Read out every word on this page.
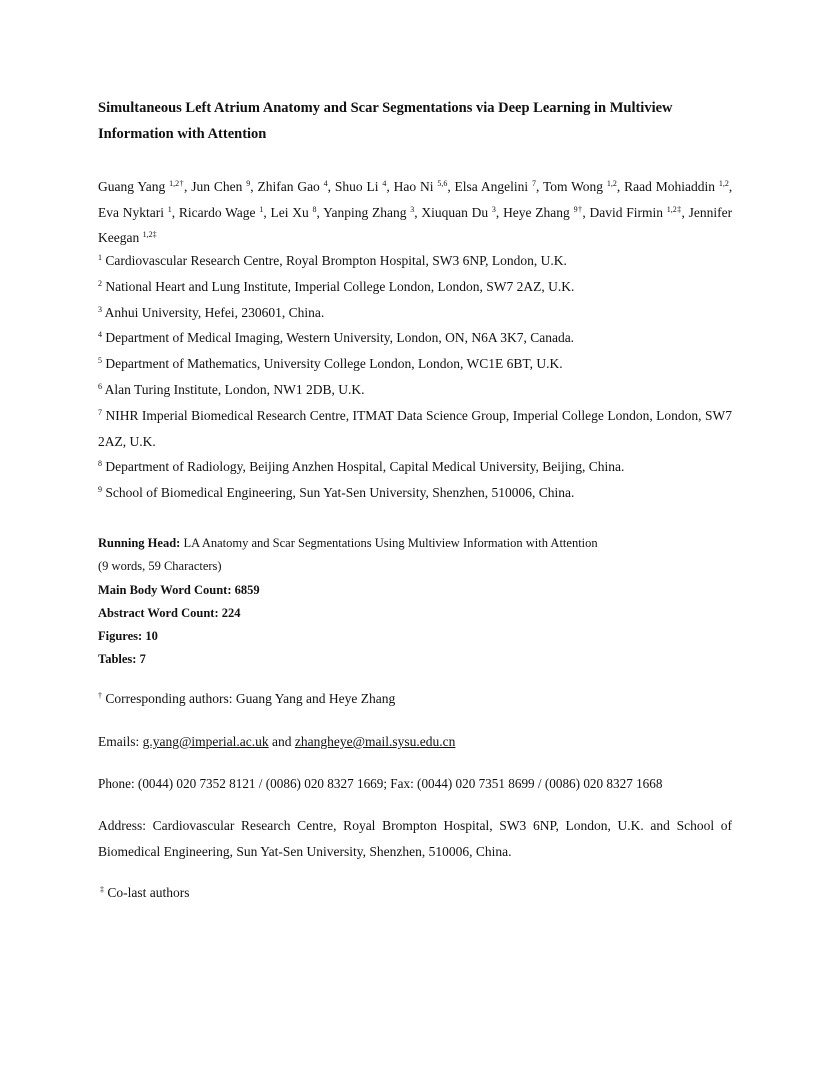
Simultaneous Left Atrium Anatomy and Scar Segmentations via Deep Learning in Multiview Information with Attention
Guang Yang $^{1,2\dagger}$, Jun Chen $^9$, Zhifan Gao $^4$, Shuo Li $^4$, Hao Ni $^{5,6}$, Elsa Angelini $^7$, Tom Wong $^{1,2}$, Raad Mohiaddin $^{1,2}$, Eva Nyktari $^1$, Ricardo Wage $^1$, Lei Xu $^8$, Yanping Zhang $^3$, Xiuquan Du $^3$, Heye Zhang $^{9\dagger}$, David Firmin $^{1,2\ddagger}$, Jennifer Keegan $^{1,2\ddagger}$
$^1$ Cardiovascular Research Centre, Royal Brompton Hospital, SW3 6NP, London, U.K.
$^2$ National Heart and Lung Institute, Imperial College London, London, SW7 2AZ, U.K.
$^3$ Anhui University, Hefei, 230601, China.
$^4$ Department of Medical Imaging, Western University, London, ON, N6A 3K7, Canada.
$^5$ Department of Mathematics, University College London, London, WC1E 6BT, U.K.
$^6$ Alan Turing Institute, London, NW1 2DB, U.K.
$^7$ NIHR Imperial Biomedical Research Centre, ITMAT Data Science Group, Imperial College London, London, SW7 2AZ, U.K.
$^8$ Department of Radiology, Beijing Anzhen Hospital, Capital Medical University, Beijing, China.
$^9$ School of Biomedical Engineering, Sun Yat-Sen University, Shenzhen, 510006, China.
Running Head: LA Anatomy and Scar Segmentations Using Multiview Information with Attention
(9 words, 59 Characters)
Main Body Word Count: 6859
Abstract Word Count: 224
Figures: 10
Tables: 7
† Corresponding authors: Guang Yang and Heye Zhang
Emails: g.yang@imperial.ac.uk and zhangheye@mail.sysu.edu.cn
Phone: (0044) 020 7352 8121 / (0086) 020 8327 1669; Fax: (0044) 020 7351 8699 / (0086) 020 8327 1668
Address: Cardiovascular Research Centre, Royal Brompton Hospital, SW3 6NP, London, U.K. and School of Biomedical Engineering, Sun Yat-Sen University, Shenzhen, 510006, China.
‡ Co-last authors
